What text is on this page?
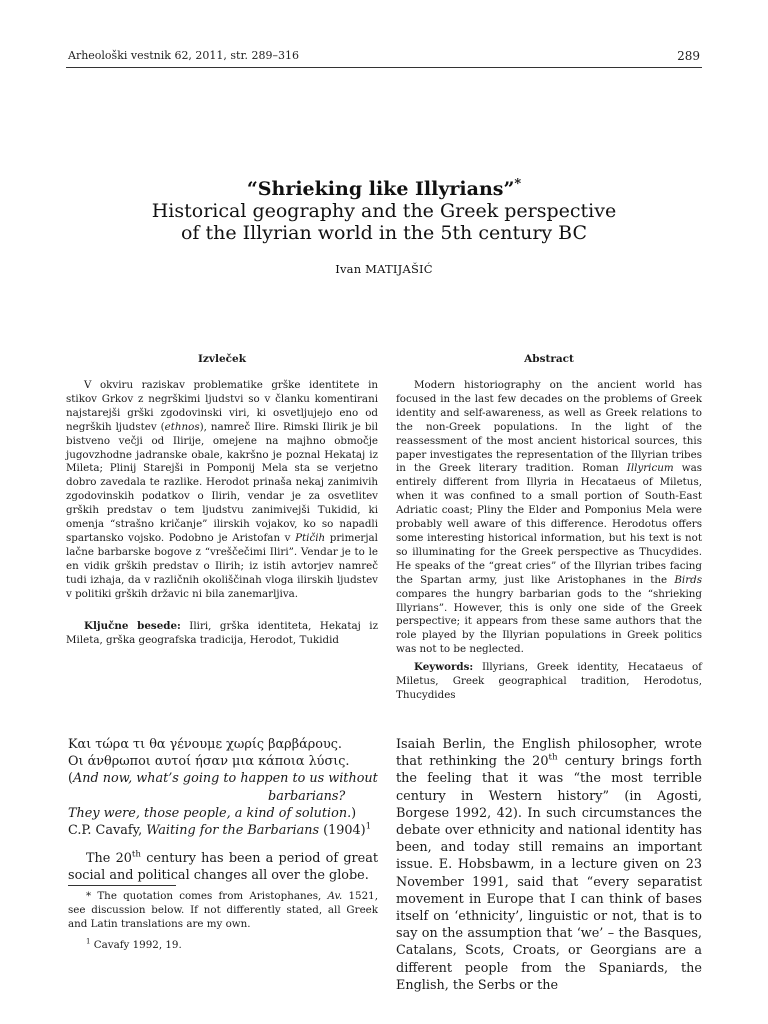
Arheološki vestnik 62, 2011, str. 289–316	289
“Shrieking like Illyrians”*
Historical geography and the Greek perspective
of the Illyrian world in the 5th century BC
Ivan MATIJAŠIĆ
Izvleček	Abstract

V okviru raziskav problematike grške identitete in stikov Grkov z negrškimi ljudstvi so v članku komentirani najstarejši grški zgodovinski viri, ki osvetljujejo eno od negrških ljudstev (ethnos), namreč Ilire. Rimski Ilirik je bil bistveno večji od Ilirije, omejene na majhno območje jugovzhodne jadranske obale, kakršno je poznal Hekataj iz Mileta; Plinij Starejši in Pomponij Mela sta se verjetno dobro zavedala te razlike. Herodot prinaša nekaj zanimivih zgodovinskih podatkov o Ilirih, vendar je za osvetlitev grških predstav o tem ljudstvu zanimivejši Tukidid, ki omenja “strašno kričanje” ilirskih vojakov, ko so napadli spartansko vojsko. Podobno je Aristofan v Ptičih primerjal lačne barbarske bogove z “vreščečimi Iliri”. Vendar je to le en vidik grških predstav o Ilirih; iz istih avtorjev namreč tudi izhaja, da v različnih okoliščinah vloga ilirskih ljudstev v politiki grških državic ni bila zanemarljiva.

Ključne besede: Iliri, grška identiteta, Hekataj iz Mileta, grška geografska tradicija, Herodot, Tukidid

Modern historiography on the ancient world has focused in the last few decades on the problems of Greek identity and self-awareness, as well as Greek relations to the non-Greek populations. In the light of the reassessment of the most ancient historical sources, this paper investigates the representation of the Illyrian tribes in the Greek literary tradition. Roman Illyricum was entirely different from Illyria in Hecataeus of Miletus, when it was confined to a small portion of South-East Adriatic coast; Pliny the Elder and Pomponius Mela were probably well aware of this difference. Herodotus offers some interesting historical information, but his text is not so illuminating for the Greek perspective as Thucydides. He speaks of the “great cries” of the Illyrian tribes facing the Spartan army, just like Aristophanes in the Birds compares the hungry barbarian gods to the “shrieking Illyrians”. However, this is only one side of the Greek perspective; it appears from these same authors that the role played by the Illyrian populations in Greek politics was not to be neglected.

Keywords: Illyrians, Greek identity, Hecataeus of Miletus, Greek geographical tradition, Herodotus, Thucydides

Και τώρα τι θα γένουμε χωρίς βαρβάρους.
Οι άνθρωποι αυτοί ήσαν μια κάποια λύσις.
(And now, what’s going to happen to us without
barbarians?
They were, those people, a kind of solution.)
C.P. Cavafy, Waiting for the Barbarians $(1904)^1$
The 20th century has been a period of great social and political changes all over the globe.

* The quotation comes from Aristophanes, Av. 1521, see discussion below. If not differently stated, all Greek and Latin translations are my own.

$^1$ Cavafy 1992, 19.

Isaiah Berlin, the English philosopher, wrote that rethinking the 20th century brings forth the feeling that it was “the most terrible century in Western history” (in Agosti, Borgese 1992, 42). In such circumstances the debate over ethnicity and national identity has been, and today still remains an important issue. E. Hobsbawm, in a lecture given on 23 November 1991, said that “every separatist movement in Europe that I can think of bases itself on ‘ethnicity’, linguistic or not, that is to say on the assumption that ‘we’ – the Basques, Catalans, Scots, Croats, or Georgians are a different people from the Spaniards, the English, the Serbs or the
